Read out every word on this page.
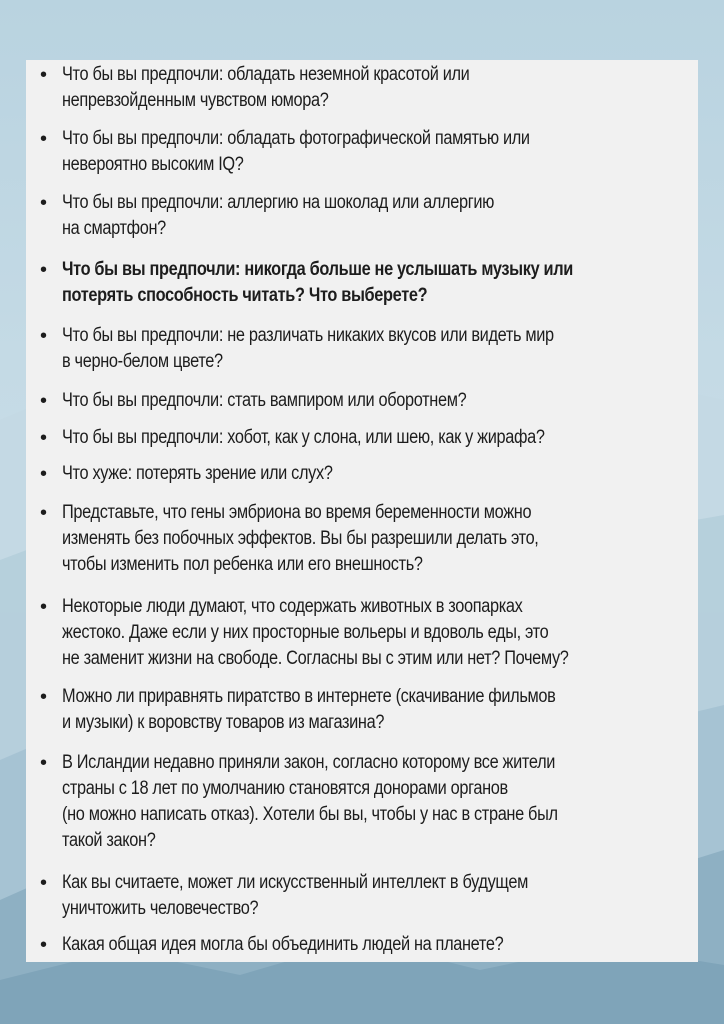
• Что бы вы предпочли: обладать неземной красотой или
непревзойденным чувством юмора?
• Что бы вы предпочли: обладать фотографической памятью или
невероятно высоким IQ?
• Что бы вы предпочли: аллергию на шоколад или аллергию
на смартфон?
• Что бы вы предпочли: никогда больше не услышать музыку или
потерять способность читать? Что выберете?
• Что бы вы предпочли: не различать никаких вкусов или видеть мир
в черно-белом цвете?
• Что бы вы предпочли: стать вампиром или оборотнем?
• Что бы вы предпочли: хобот, как у слона, или шею, как у жирафа?
• Что хуже: потерять зрение или слух?
• Представьте, что гены эмбриона во время беременности можно
изменять без побочных эффектов. Вы бы разрешили делать это,
чтобы изменить пол ребенка или его внешность?
• Некоторые люди думают, что содержать животных в зоопарках
жестоко. Даже если у них просторные вольеры и вдоволь еды, это
не заменит жизни на свободе. Согласны вы с этим или нет? Почему?
• Можно ли приравнять пиратство в интернете (скачивание фильмов
и музыки) к воровству товаров из магазина?
• В Исландии недавно приняли закон, согласно которому все жители
страны с 18 лет по умолчанию становятся донорами органов
(но можно написать отказ). Хотели бы вы, чтобы у нас в стране был
такой закон?
• Как вы считаете, может ли искусственный интеллект в будущем
уничтожить человечество?
• Какая общая идея могла бы объединить людей на планете?
